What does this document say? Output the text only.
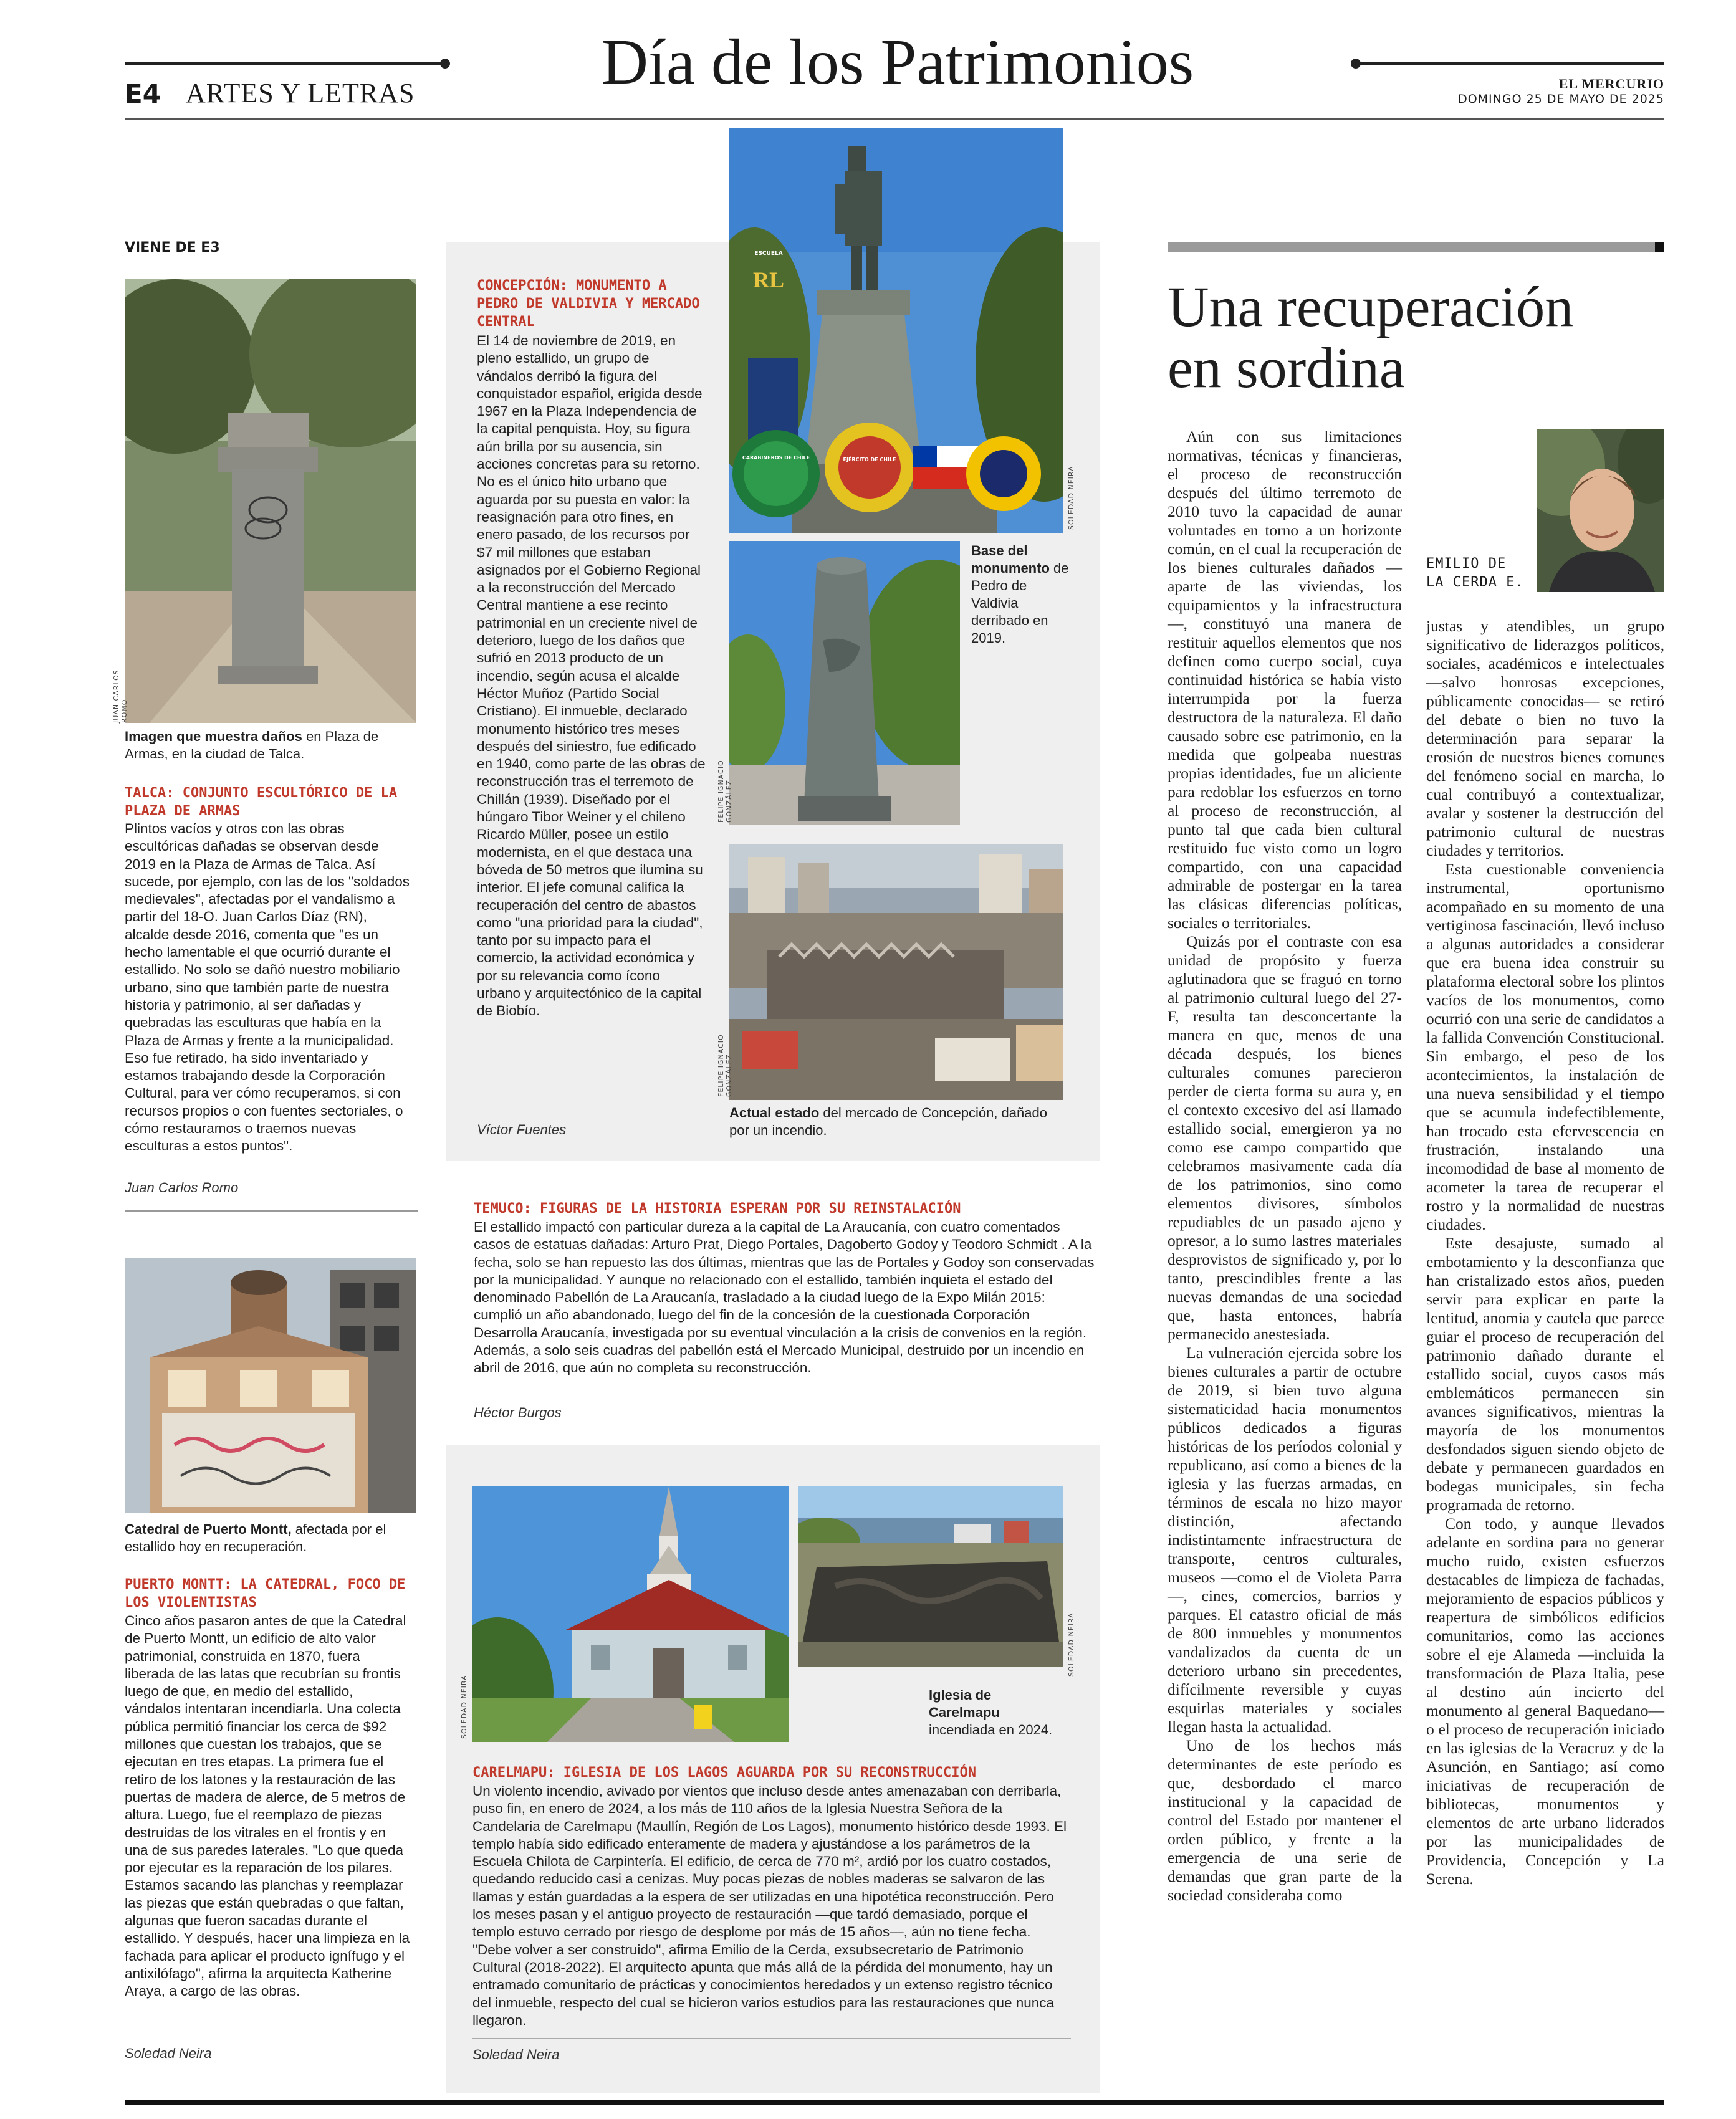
E4 ARTES Y LETRAS	Día de los Patrimonios	EL MERCURIO
DOMINGO 25 DE MAYO DE 2025
VIENE DE E3
JUAN CARLOS ROMO
Imagen que muestra daños en Plaza de Armas, en la ciudad de Talca.
TALCA: CONJUNTO ESCULTÓRICO DE LA PLAZA DE ARMAS
Plintos vacíos y otros con las obras escultóricas dañadas se observan desde 2019 en la Plaza de Armas de Talca. Así sucede, por ejemplo, con las de los "soldados medievales", afectadas por el vandalismo a partir del 18-O. Juan Carlos Díaz (RN), alcalde desde 2016, comenta que "es un hecho lamentable el que ocurrió durante el estallido. No solo se dañó nuestro mobiliario urbano, sino que también parte de nuestra historia y patrimonio, al ser dañadas y quebradas las esculturas que había en la Plaza de Armas y frente a la municipalidad. Eso fue retirado, ha sido inventariado y estamos trabajando desde la Corporación Cultural, para ver cómo recuperamos, si con recursos propios o con fuentes sectoriales, o cómo restauramos o traemos nuevas esculturas a estos puntos".
Juan Carlos Romo
Catedral de Puerto Montt, afectada por el estallido hoy en recuperación.
PUERTO MONTT: LA CATEDRAL, FOCO DE LOS VIOLENTISTAS
Cinco años pasaron antes de que la Catedral de Puerto Montt, un edificio de alto valor patrimonial, construida en 1870, fuera liberada de las latas que recubrían su frontis luego de que, en medio del estallido, vándalos intentaran incendiarla. Una colecta pública permitió financiar los cerca de $92 millones que cuestan los trabajos, que se ejecutan en tres etapas. La primera fue el retiro de los latones y la restauración de las puertas de madera de alerce, de 5 metros de altura. Luego, fue el reemplazo de piezas destruidas de los vitrales en el frontis y en una de sus paredes laterales. "Lo que queda por ejecutar es la reparación de los pilares. Estamos sacando las planchas y reemplazar las piezas que están quebradas o que faltan, algunas que fueron sacadas durante el estallido. Y después, hacer una limpieza en la fachada para aplicar el producto ignífugo y el antixilófago", afirma la arquitecta Katherine Araya, a cargo de las obras.
Soledad Neira
CONCEPCIÓN: MONUMENTO A PEDRO DE VALDIVIA Y MERCADO CENTRAL
El 14 de noviembre de 2019, en pleno estallido, un grupo de vándalos derribó la figura del conquistador español, erigida desde 1967 en la Plaza Independencia de la capital penquista. Hoy, su figura aún brilla por su ausencia, sin acciones concretas para su retorno. No es el único hito urbano que aguarda por su puesta en valor: la reasignación para otro fines, en enero pasado, de los recursos por $7 mil millones que estaban asignados por el Gobierno Regional a la reconstrucción del Mercado Central mantiene a ese recinto patrimonial en un creciente nivel de deterioro, luego de los daños que sufrió en 2013 producto de un incendio, según acusa el alcalde Héctor Muñoz (Partido Social Cristiano). El inmueble, declarado monumento histórico tres meses después del siniestro, fue edificado en 1940, como parte de las obras de reconstrucción tras el terremoto de Chillán (1939). Diseñado por el húngaro Tibor Weiner y el chileno Ricardo Müller, posee un estilo modernista, en el que destaca una bóveda de 50 metros que ilumina su interior. El jefe comunal califica la recuperación del centro de abastos como "una prioridad para la ciudad", tanto por su impacto para el comercio, la actividad económica y por su relevancia como ícono urbano y arquitectónico de la capital de Biobío.
Víctor Fuentes
ESCUELA
RL
CARABINEROS DE CHILE	EJÉRCITO DE CHILE
SOLEDAD NEIRA
FELIPE IGNACIO GONZÁLEZ
Base del monumento de Pedro de Valdivia derribado en 2019.
FELIPE IGNACIO GONZÁLEZ
Actual estado del mercado de Concepción, dañado por un incendio.
TEMUCO: FIGURAS DE LA HISTORIA ESPERAN POR SU REINSTALACIÓN
El estallido impactó con particular dureza a la capital de La Araucanía, con cuatro comentados casos de estatuas dañadas: Arturo Prat, Diego Portales, Dagoberto Godoy y Teodoro Schmidt . A la fecha, solo se han repuesto las dos últimas, mientras que las de Portales y Godoy son conservadas por la municipalidad. Y aunque no relacionado con el estallido, también inquieta el estado del denominado Pabellón de La Araucanía, trasladado a la ciudad luego de la Expo Milán 2015: cumplió un año abandonado, luego del fin de la concesión de la cuestionada Corporación Desarrolla Araucanía, investigada por su eventual vinculación a la crisis de convenios en la región. Además, a solo seis cuadras del pabellón está el Mercado Municipal, destruido por un incendio en abril de 2016, que aún no completa su reconstrucción.
Héctor Burgos
SOLEDAD NEIRA
SOLEDAD NEIRA
Iglesia de Carelmapu incendiada en 2024.
CARELMAPU: IGLESIA DE LOS LAGOS AGUARDA POR SU RECONSTRUCCIÓN
Un violento incendio, avivado por vientos que incluso desde antes amenazaban con derribarla, puso fin, en enero de 2024, a los más de 110 años de la Iglesia Nuestra Señora de la Candelaria de Carelmapu (Maullín, Región de Los Lagos), monumento histórico desde 1993. El templo había sido edificado enteramente de madera y ajustándose a los parámetros de la Escuela Chilota de Carpintería. El edificio, de cerca de 770 m², ardió por los cuatro costados, quedando reducido casi a cenizas. Muy pocas piezas de nobles maderas se salvaron de las llamas y están guardadas a la espera de ser utilizadas en una hipotética reconstrucción. Pero los meses pasan y el antiguo proyecto de restauración —que tardó demasiado, porque el templo estuvo cerrado por riesgo de desplome por más de 15 años—, aún no tiene fecha. "Debe volver a ser construido", afirma Emilio de la Cerda, exsubsecretario de Patrimonio Cultural (2018-2022). El arquitecto apunta que más allá de la pérdida del monumento, hay un entramado comunitario de prácticas y conocimientos heredados y un extenso registro técnico del inmueble, respecto del cual se hicieron varios estudios para las restauraciones que nunca llegaron.
Soledad Neira
Una recuperación
en sordina
EMILIO DE
LA CERDA E.

Aún con sus limitaciones normativas, técnicas y financieras, el proceso de reconstrucción después del último terremoto de 2010 tuvo la capacidad de aunar voluntades en torno a un horizonte común, en el cual la recuperación de los bienes culturales dañados —aparte de las viviendas, los equipamientos y la infraestructura—, constituyó una manera de restituir aquellos elementos que nos definen como cuerpo social, cuya continuidad histórica se había visto interrumpida por la fuerza destructora de la naturaleza. El daño causado sobre ese patrimonio, en la medida que golpeaba nuestras propias identidades, fue un aliciente para redoblar los esfuerzos en torno al proceso de reconstrucción, al punto tal que cada bien cultural restituido fue visto como un logro compartido, con una capacidad admirable de postergar en la tarea las clásicas diferencias políticas, sociales o territoriales.

Quizás por el contraste con esa unidad de propósito y fuerza aglutinadora que se fraguó en torno al patrimonio cultural luego del 27-F, resulta tan desconcertante la manera en que, menos de una década después, los bienes culturales comunes parecieron perder de cierta forma su aura y, en el contexto excesivo del así llamado estallido social, emergieron ya no como ese campo compartido que celebramos masivamente cada día de los patrimonios, sino como elementos divisores, símbolos repudiables de un pasado ajeno y opresor, a lo sumo lastres materiales desprovistos de significado y, por lo tanto, prescindibles frente a las nuevas demandas de una sociedad que, hasta entonces, habría permanecido anestesiada.

La vulneración ejercida sobre los bienes culturales a partir de octubre de 2019, si bien tuvo alguna sistematicidad hacia monumentos públicos dedicados a figuras históricas de los períodos colonial y republicano, así como a bienes de la iglesia y las fuerzas armadas, en términos de escala no hizo mayor distinción, afectando indistintamente infraestructura de transporte, centros culturales, museos —como el de Violeta Parra—, cines, comercios, barrios y parques. El catastro oficial de más de 800 inmuebles y monumentos vandalizados da cuenta de un deterioro urbano sin precedentes, difícilmente reversible y cuyas esquirlas materiales y sociales llegan hasta la actualidad.

Uno de los hechos más determinantes de este período es que, desbordado el marco institucional y la capacidad de control del Estado por mantener el orden público, y frente a la emergencia de una serie de demandas que gran parte de la sociedad consideraba como

justas y atendibles, un grupo significativo de liderazgos políticos, sociales, académicos e intelectuales —salvo honrosas excepciones, públicamente conocidas— se retiró del debate o bien no tuvo la determinación para separar la erosión de nuestros bienes comunes del fenómeno social en marcha, lo cual contribuyó a contextualizar, avalar y sostener la destrucción del patrimonio cultural de nuestras ciudades y territorios.

Esta cuestionable conveniencia instrumental, oportunismo acompañado en su momento de una vertiginosa fascinación, llevó incluso a algunas autoridades a considerar que era buena idea construir su plataforma electoral sobre los plintos vacíos de los monumentos, como ocurrió con una serie de candidatos a la fallida Convención Constitucional. Sin embargo, el peso de los acontecimientos, la instalación de una nueva sensibilidad y el tiempo que se acumula indefectiblemente, han trocado esta efervescencia en frustración, instalando una incomodidad de base al momento de acometer la tarea de recuperar el rostro y la normalidad de nuestras ciudades.

Este desajuste, sumado al embotamiento y la desconfianza que han cristalizado estos años, pueden servir para explicar en parte la lentitud, anomia y cautela que parece guiar el proceso de recuperación del patrimonio dañado durante el estallido social, cuyos casos más emblemáticos permanecen sin avances significativos, mientras la mayoría de los monumentos desfondados siguen siendo objeto de debate y permanecen guardados en bodegas municipales, sin fecha programada de retorno.

Con todo, y aunque llevados adelante en sordina para no generar mucho ruido, existen esfuerzos destacables de limpieza de fachadas, mejoramiento de espacios públicos y reapertura de simbólicos edificios comunitarios, como las acciones sobre el eje Alameda —incluida la transformación de Plaza Italia, pese al destino aún incierto del monumento al general Baquedano— o el proceso de recuperación iniciado en las iglesias de la Veracruz y de la Asunción, en Santiago; así como iniciativas de recuperación de bibliotecas, monumentos y elementos de arte urbano liderados por las municipalidades de Providencia, Concepción y La Serena.
